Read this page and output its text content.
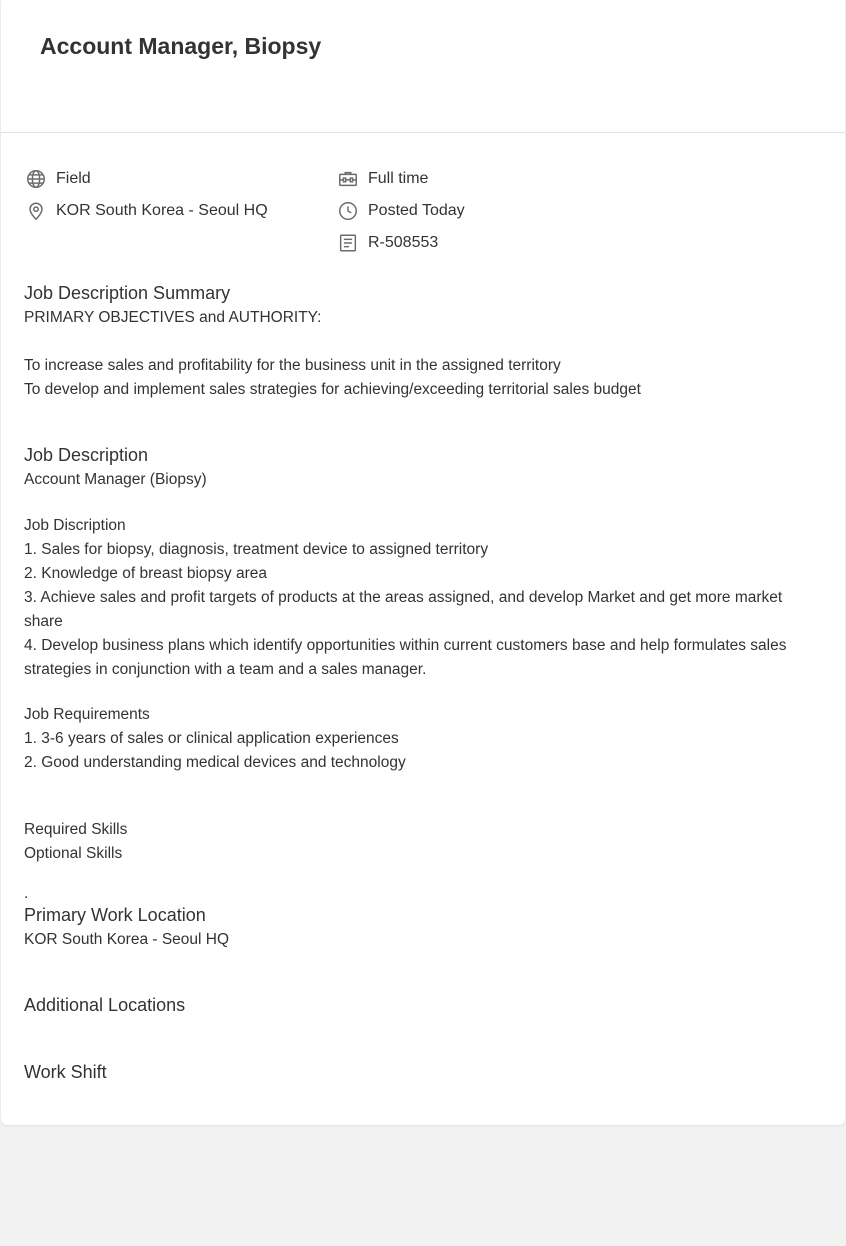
Account Manager, Biopsy
Field
KOR South Korea - Seoul HQ
Full time
Posted Today
R-508553
Job Description Summary

PRIMARY OBJECTIVES and AUTHORITY:

To increase sales and profitability for the business unit in the assigned territory

To develop and implement sales strategies for achieving/exceeding territorial sales budget

Job Description

Account Manager (Biopsy)

Job Discription

1. Sales for biopsy, diagnosis, treatment device to assigned territory

2. Knowledge of breast biopsy area

3. Achieve sales and profit targets of products at the areas assigned, and develop Market and get more market share

4. Develop business plans which identify opportunities within current customers base and help formulates sales strategies in conjunction with a team and a sales manager.

Job Requirements

1. 3-6 years of sales or clinical application experiences

2. Good understanding medical devices and technology

Required Skills

Optional Skills

.

Primary Work Location

KOR South Korea - Seoul HQ

Additional Locations
Work Shift
